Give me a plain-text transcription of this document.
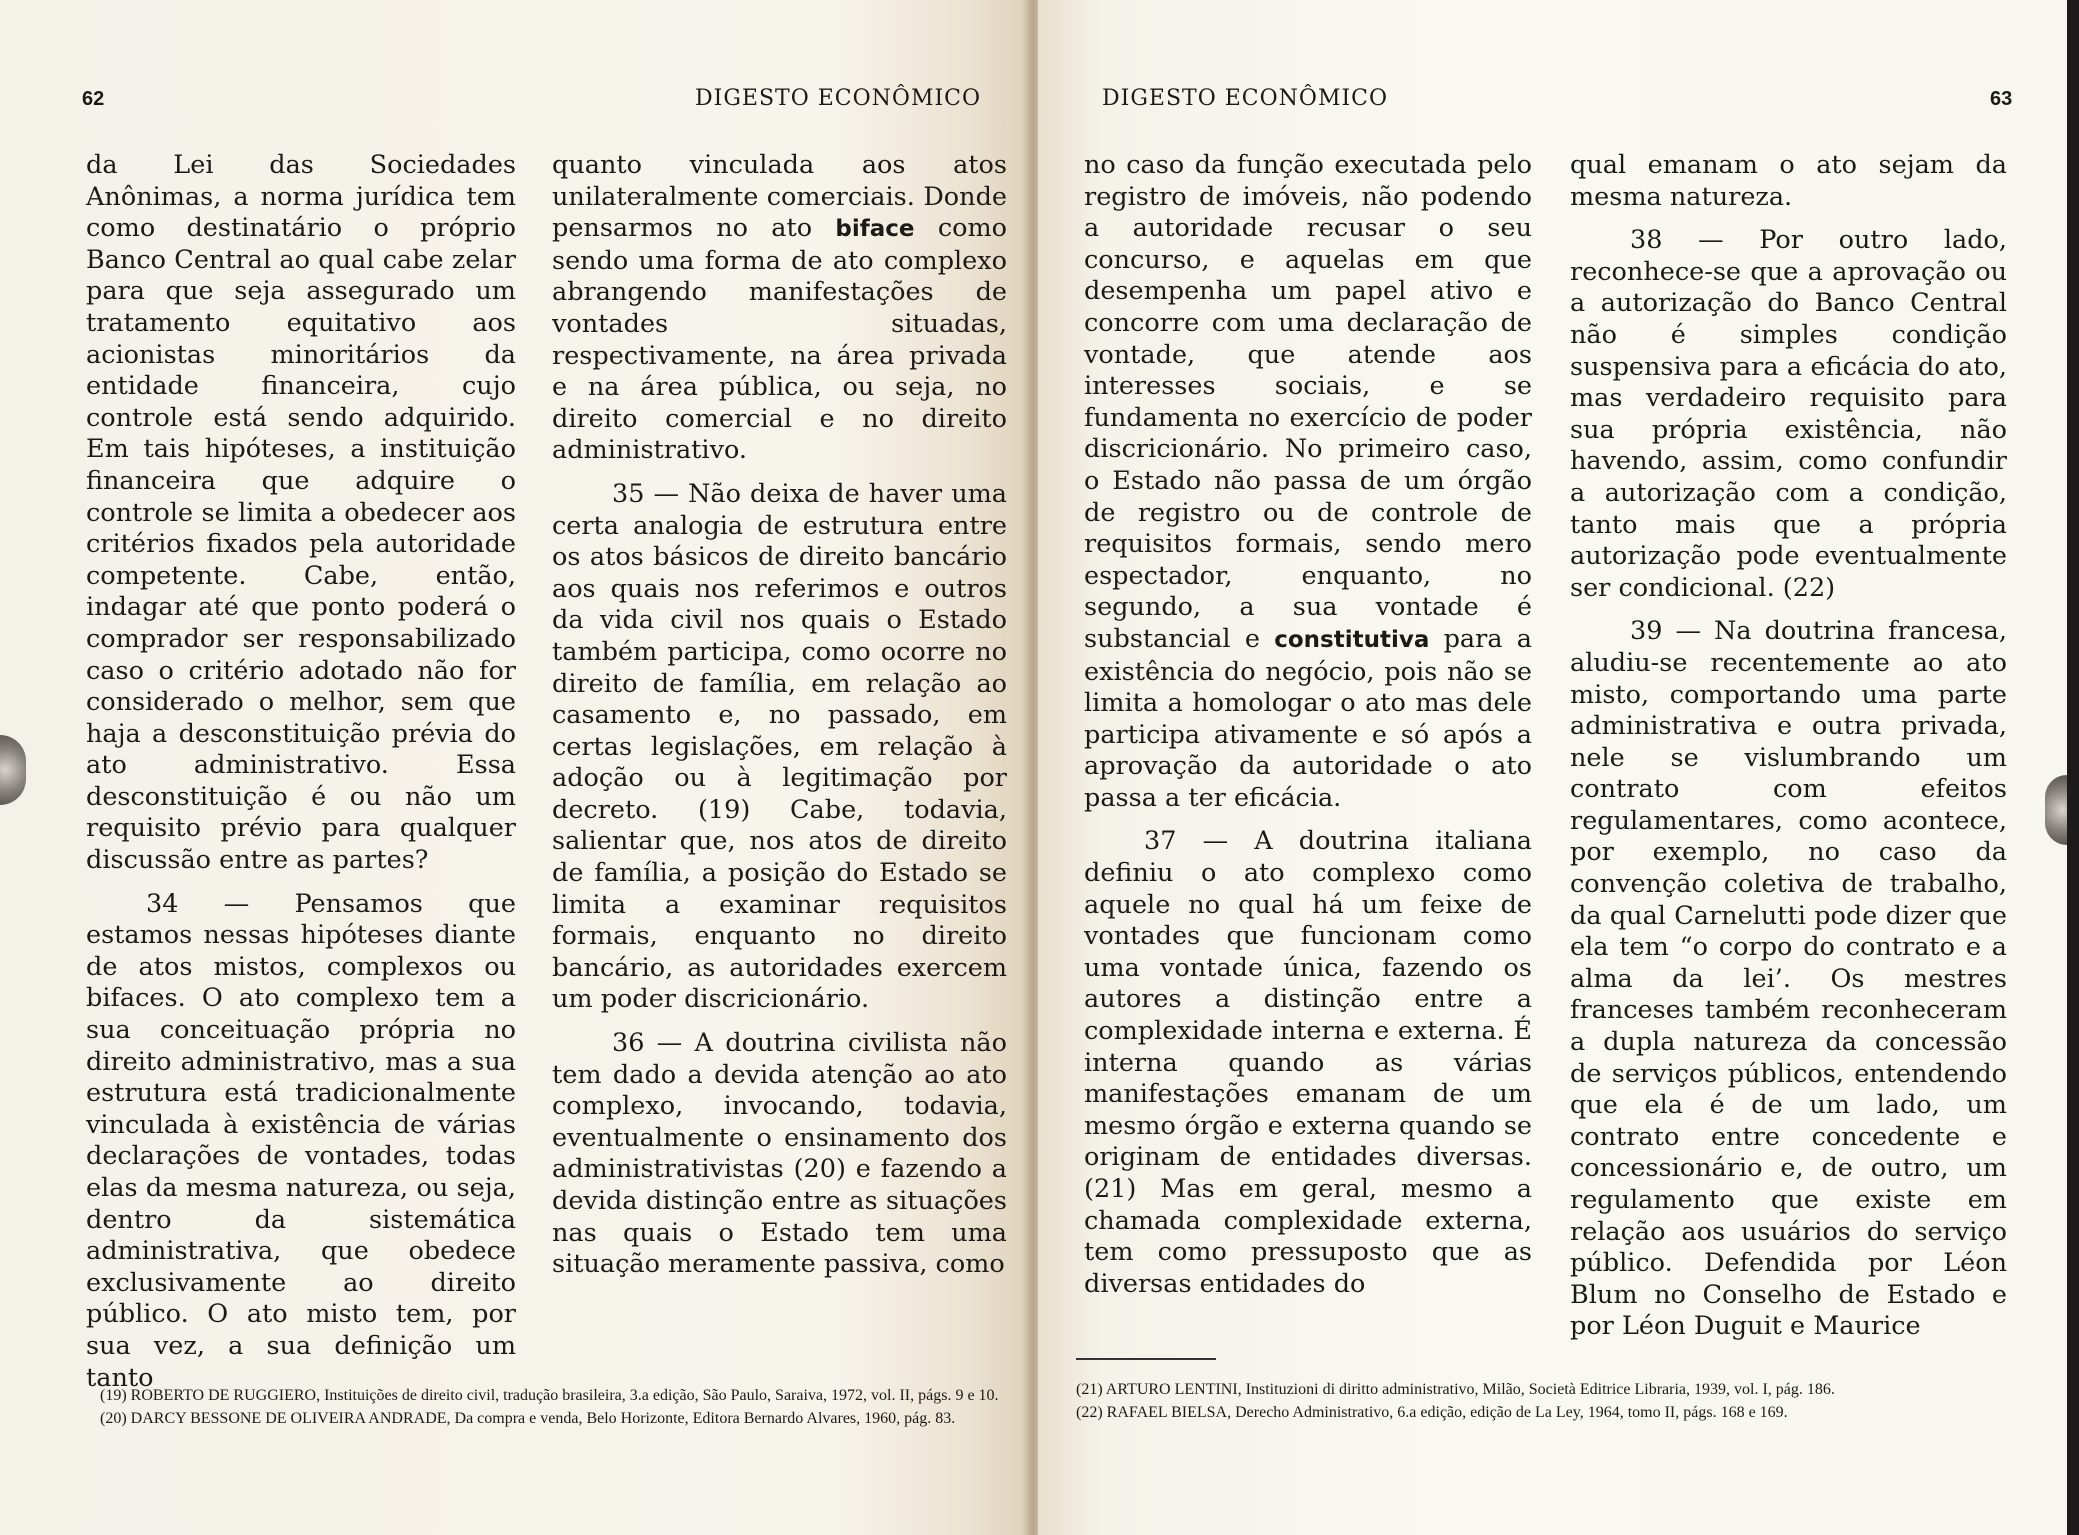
62	DIGESTO ECONÔMICO

da Lei das Sociedades Anônimas, a norma jurídica tem como destinatário o próprio Banco Central ao qual cabe zelar para que seja assegurado um tratamento equitativo aos acionistas minoritários da entidade financeira, cujo controle está sendo adquirido. Em tais hipóteses, a instituição financeira que adquire o controle se limita a obedecer aos critérios fixados pela autoridade competente. Cabe, então, indagar até que ponto poderá o comprador ser responsabilizado caso o critério adotado não for considerado o melhor, sem que haja a desconstituição prévia do ato administrativo. Essa desconstituição é ou não um requisito prévio para qualquer discussão entre as partes?

34 — Pensamos que estamos nessas hipóteses diante de atos mistos, complexos ou bifaces. O ato complexo tem a sua conceituação própria no direito administrativo, mas a sua estrutura está tradicionalmente vinculada à existência de várias declarações de vontades, todas elas da mesma natureza, ou seja, dentro da sistemática administrativa, que obedece exclusivamente ao direito público. O ato misto tem, por sua vez, a sua definição um tanto

quanto vinculada aos atos unilateralmente comerciais. Donde pensarmos no ato bifacе como sendo uma forma de ato complexo abrangendo manifestações de vontades situadas, respectivamente, na área privada e na área pública, ou seja, no direito comercial e no direito administrativo.

35 — Não deixa de haver uma certa analogia de estrutura entre os atos básicos de direito bancário aos quais nos referimos e outros da vida civil nos quais o Estado também participa, como ocorre no direito de família, em relação ao casamento e, no passado, em certas legislações, em relação à adoção ou à legitimação por decreto. (19) Cabe, todavia, salientar que, nos atos de direito de família, a posição do Estado se limita a examinar requisitos formais, enquanto no direito bancário, as autoridades exercem um poder discricionário.

36 — A doutrina civilista não tem dado a devida atenção ao ato complexo, invocando, todavia, eventualmente o ensinamento dos administrativistas (20) e fazendo a devida distinção entre as situações nas quais o Estado tem uma situação meramente passiva, como

(19) ROBERTO DE RUGGIERO, Instituições de direito civil, tradução brasileira, 3.a edição, São Paulo, Saraiva, 1972, vol. II, págs. 9 e 10.
(20) DARCY BESSONE DE OLIVEIRA ANDRADE, Da compra e venda, Belo Horizonte, Editora Bernardo Alvares, 1960, pág. 83.
DIGESTO ECONÔMICO	63

no caso da função executada pelo registro de imóveis, não podendo a autoridade recusar o seu concurso, e aquelas em que desempenha um papel ativo e concorre com uma declaração de vontade, que atende aos interesses sociais, e se fundamenta no exercício de poder discricionário. No primeiro caso, o Estado não passa de um órgão de registro ou de controle de requisitos formais, sendo mero espectador, enquanto, no segundo, a sua vontade é substancial e constitutiva para a existência do negócio, pois não se limita a homologar o ato mas dele participa ativamente e só após a aprovação da autoridade o ato passa a ter eficácia.

37 — A doutrina italiana definiu o ato complexo como aquele no qual há um feixe de vontades que funcionam como uma vontade única, fazendo os autores a distinção entre a complexidade interna e externa. É interna quando as várias manifestações emanam de um mesmo órgão e externa quando se originam de entidades diversas. (21) Mas em geral, mesmo a chamada complexidade externa, tem como pressuposto que as diversas entidades do

qual emanam o ato sejam da mesma natureza.

38 — Por outro lado, reconhece-se que a aprovação ou a autorização do Banco Central não é simples condição suspensiva para a eficácia do ato, mas verdadeiro requisito para sua própria existência, não havendo, assim, como confundir a autorização com a condição, tanto mais que a própria autorização pode eventualmente ser condicional. (22)

39 — Na doutrina francesa, aludiu-se recentemente ao ato misto, comportando uma parte administrativa e outra privada, nele se vislumbrando um contrato com efeitos regulamentares, como acontece, por exemplo, no caso da convenção coletiva de trabalho, da qual Carnelutti pode dizer que ela tem “o corpo do contrato e a alma da lei’. Os mestres franceses também reconheceram a dupla natureza da concessão de serviços públicos, entendendo que ela é de um lado, um contrato entre concedente e concessionário e, de outro, um regulamento que existe em relação aos usuários do serviço público. Defendida por Léon Blum no Conselho de Estado e por Léon Duguit e Maurice

(21) ARTURO LENTINI, Instituzioni di diritto administrativo, Milão, Società Editrice Libraria, 1939, vol. I, pág. 186.
(22) RAFAEL BIELSA, Derecho Administrativo, 6.a edição, edição de La Ley, 1964, tomo II, págs. 168 e 169.
